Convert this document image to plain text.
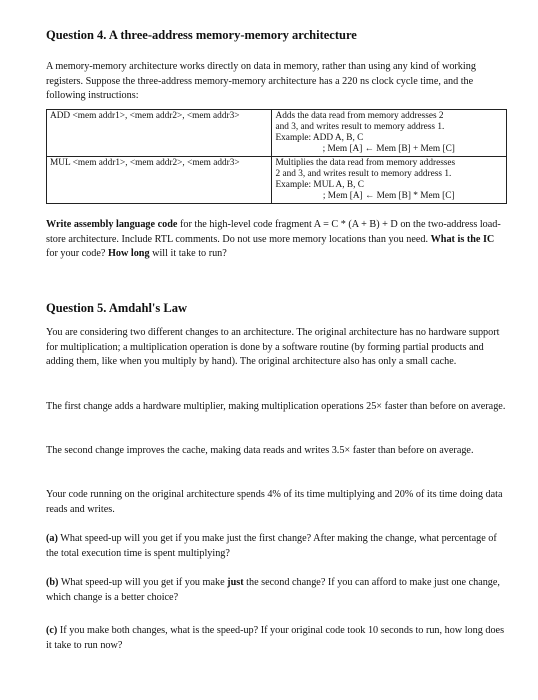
Question 4. A three-address memory-memory architecture

A memory-memory architecture works directly on data in memory, rather than using any kind of working registers. Suppose the three-address memory-memory architecture has a 220 ns clock cycle time, and the following instructions:

ADD <mem addr1>, <mem addr2>, <mem addr3>	Adds the data read from memory addresses 2
and 3, and writes result to memory address 1.
Example: ADD A, B, C
; Mem [A] ← Mem [B] + Mem [C]

MUL <mem addr1>, <mem addr2>, <mem addr3>	Multiplies the data read from memory addresses
2 and 3, and writes result to memory address 1.
Example: MUL A, B, C
; Mem [A] ← Mem [B] * Mem [C]

Write assembly language code for the high-level code fragment A = C * (A + B) + D on the two-address load-store architecture. Include RTL comments. Do not use more memory locations than you need. What is the IC for your code? How long will it take to run?

Question 5. Amdahl's Law

You are considering two different changes to an architecture. The original architecture has no hardware support for multiplication; a multiplication operation is done by a software routine (by forming partial products and adding them, like when you multiply by hand). The original architecture also has only a small cache.

The first change adds a hardware multiplier, making multiplication operations 25× faster than before on average.

The second change improves the cache, making data reads and writes 3.5× faster than before on average.

Your code running on the original architecture spends 4% of its time multiplying and 20% of its time doing data reads and writes.

(a) What speed-up will you get if you make just the first change? After making the change, what percentage of the total execution time is spent multiplying?

(b) What speed-up will you get if you make just the second change? If you can afford to make just one change, which change is a better choice?

(c) If you make both changes, what is the speed-up? If your original code took 10 seconds to run, how long does it take to run now?
